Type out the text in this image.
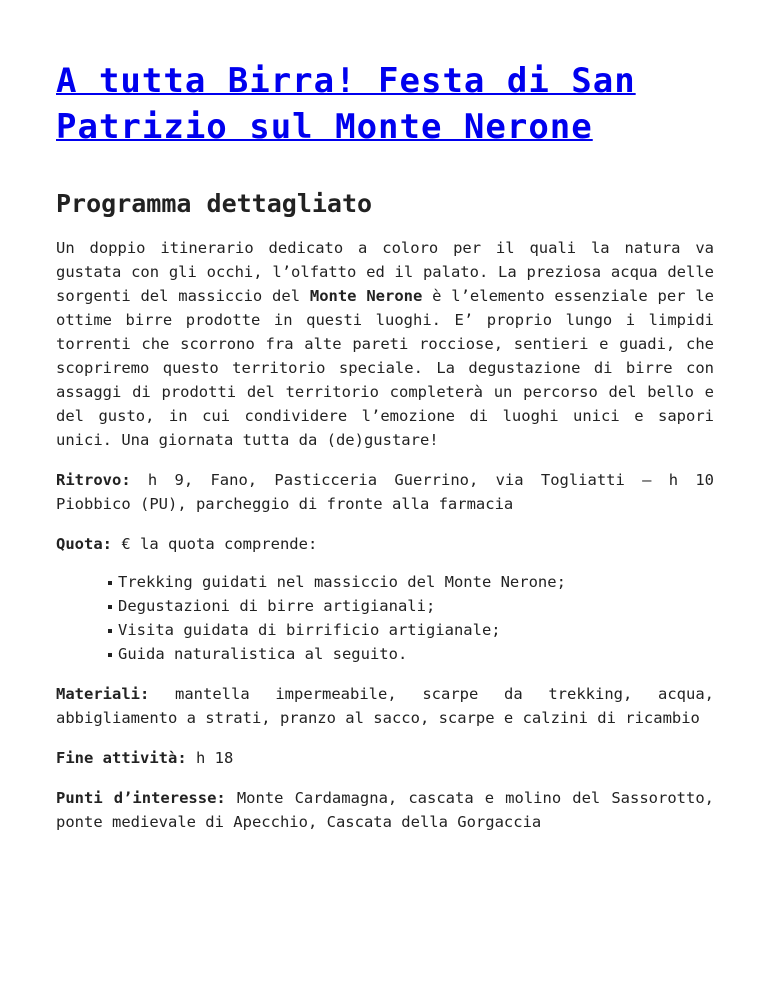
A tutta Birra! Festa di San Patrizio sul Monte Nerone
Programma dettagliato

Un doppio itinerario dedicato a coloro per il quali la natura va gustata con gli occhi, l’olfatto ed il palato. La preziosa acqua delle sorgenti del massiccio del Monte Nerone è l’elemento essenziale per le ottime birre prodotte in questi luoghi. E’ proprio lungo i limpidi torrenti che scorrono fra alte pareti rocciose, sentieri e guadi, che scopriremo questo territorio speciale. La degustazione di birre con assaggi di prodotti del territorio completerà un percorso del bello e del gusto, in cui condividere l’emozione di luoghi unici e sapori unici. Una giornata tutta da (de)gustare!

Ritrovo: h 9, Fano, Pasticceria Guerrino, via Togliatti – h 10 Piobbico (PU), parcheggio di fronte alla farmacia

Quota: € la quota comprende:

Trekking guidati nel massiccio del Monte Nerone;
Degustazioni di birre artigianali;
Visita guidata di birrificio artigianale;
Guida naturalistica al seguito.

Materiali: mantella impermeabile, scarpe da trekking, acqua, abbigliamento a strati, pranzo al sacco, scarpe e calzini di ricambio

Fine attività: h 18

Punti d’interesse: Monte Cardamagna, cascata e molino del Sassorotto, ponte medievale di Apecchio, Cascata della Gorgaccia
